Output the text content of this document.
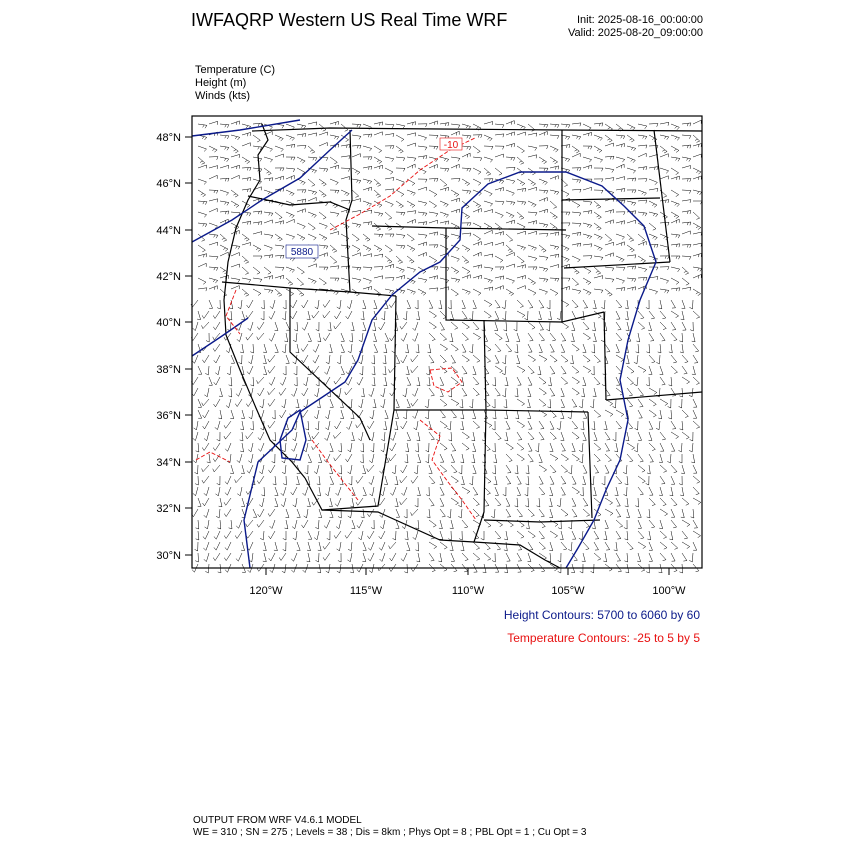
IWFAQRP Western US Real Time WRF	Init: 2025-08-16_00:00:00
Valid: 2025-08-20_09:00:00
Temperature (C)
Height (m)
Winds (kts)
48°N
46°N
44°N
42°N
40°N
38°N
36°N
34°N
32°N
30°N
120°W	115°W	110°W	105°W	100°W
5880
-10
Height Contours: 5700 to 6060 by 60
Temperature Contours: -25 to 5 by 5
OUTPUT FROM WRF V4.6.1 MODEL
WE = 310 ; SN = 275 ; Levels = 38 ; Dis = 8km ; Phys Opt = 8 ; PBL Opt = 1 ; Cu Opt = 3
